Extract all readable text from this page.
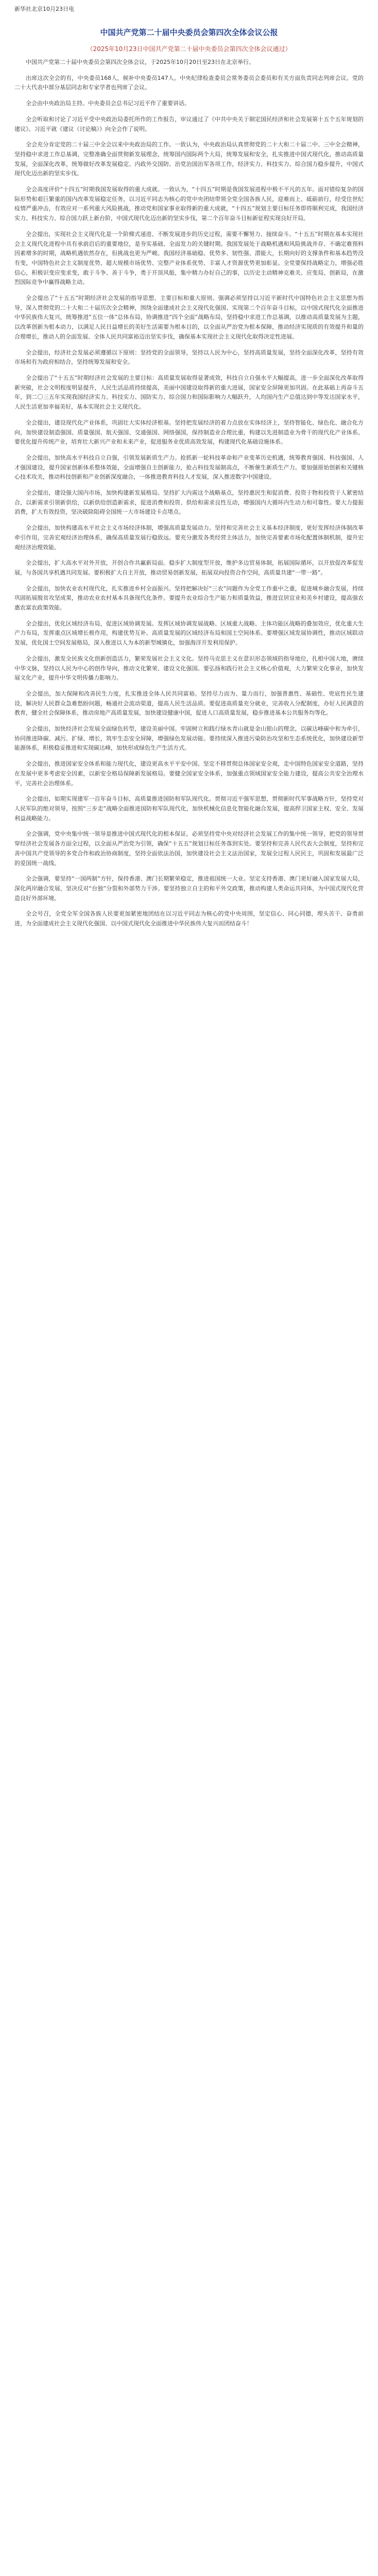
新华社北京10月23日电
中国共产党第二十届中央委员会第四次全体会议公报
（2025年10月23日中国共产党第二十届中央委员会第四次全体会议通过）

中国共产党第二十届中央委员会第四次全体会议，于2025年10月20日至23日在北京举行。

出席这次全会的有，中央委员168人，候补中央委员147人。中央纪律检查委员会常务委员会委员和有关方面负责同志列席会议。党的二十大代表中部分基层同志和专家学者也列席了会议。

全会由中央政治局主持。中央委员会总书记习近平作了重要讲话。

全会听取和讨论了习近平受中央政治局委托所作的工作报告，审议通过了《中共中央关于制定国民经济和社会发展第十五个五年规划的建议》。习近平就《建议（讨论稿）》向全会作了说明。

全会充分肯定党的二十届三中全会以来中央政治局的工作。一致认为，中央政治局认真贯彻党的二十大和二十届二中、三中全会精神，坚持稳中求进工作总基调，完整准确全面贯彻新发展理念，统筹国内国际两个大局，统筹发展和安全，扎实推进中国式现代化，推动高质量发展，全面深化改革，统筹做好改革发展稳定、内政外交国防、治党治国治军各项工作，经济实力、科技实力、综合国力稳步提升，中国式现代化迈出新的坚实步伐。

全会高度评价“十四五”时期我国发展取得的重大成就。一致认为，“十四五”时期是我国发展进程中极不平凡的五年。面对错综复杂的国际形势和艰巨繁重的国内改革发展稳定任务，以习近平同志为核心的党中央团结带领全党全国各族人民，迎难而上、砥砺前行，经受住世纪疫情严重冲击，有效应对一系列重大风险挑战，推动党和国家事业取得新的重大成就，“十四五”规划主要目标任务即将顺利完成，我国经济实力、科技实力、综合国力跃上新台阶，中国式现代化迈出新的坚实步伐，第二个百年奋斗目标新征程实现良好开局。

全会提出，实现社会主义现代化是一个阶梯式递进、不断发展进步的历史过程，需要不懈努力、接续奋斗。“十五五”时期在基本实现社会主义现代化进程中具有承前启后的重要地位，是夯实基础、全面发力的关键时期。我国发展处于战略机遇和风险挑战并存、不确定难预料因素增多的时期，战略机遇依然存在，但挑战也更为严峻。我国经济基础稳、优势多、韧性强、潜能大，长期向好的支撑条件和基本趋势没有变，中国特色社会主义制度优势、超大规模市场优势、完整产业体系优势、丰富人才资源优势更加彰显。全党要保持战略定力，增强必胜信心，积极识变应变求变，敢于斗争、善于斗争，勇于开顶风船，集中精力办好自己的事，以历史主动精神克难关、应变局、创新局，在激烈国际竞争中赢得战略主动。

全会提出了“十五五”时期经济社会发展的指导思想、主要目标和重大原则。强调必须坚持以习近平新时代中国特色社会主义思想为指导，深入贯彻党的二十大和二十届历次全会精神，围绕全面建成社会主义现代化强国、实现第二个百年奋斗目标，以中国式现代化全面推进中华民族伟大复兴，统筹推进“五位一体”总体布局，协调推进“四个全面”战略布局，坚持稳中求进工作总基调，以推动高质量发展为主题，以改革创新为根本动力，以满足人民日益增长的美好生活需要为根本目的，以全面从严治党为根本保障，推动经济实现质的有效提升和量的合理增长，推动人的全面发展、全体人民共同富裕迈出坚实步伐，确保基本实现社会主义现代化取得决定性进展。

全会提出，经济社会发展必须遵循以下原则：坚持党的全面领导，坚持以人民为中心，坚持高质量发展，坚持全面深化改革，坚持有效市场和有为政府相结合，坚持统筹发展和安全。

全会提出了“十五五”时期经济社会发展的主要目标：高质量发展取得显著成效，科技自立自强水平大幅提高，进一步全面深化改革取得新突破，社会文明程度明显提升，人民生活品质持续提高，美丽中国建设取得新的重大进展，国家安全屏障更加巩固。在此基础上再奋斗五年，到二〇三五年实现我国经济实力、科技实力、国防实力、综合国力和国际影响力大幅跃升，人均国内生产总值达到中等发达国家水平，人民生活更加幸福美好，基本实现社会主义现代化。

全会提出，建设现代化产业体系，巩固壮大实体经济根基。坚持把发展经济的着力点放在实体经济上，坚持智能化、绿色化、融合化方向，加快建设制造强国、质量强国、航天强国、交通强国、网络强国，保持制造业合理比重，构建以先进制造业为骨干的现代化产业体系。要优化提升传统产业，培育壮大新兴产业和未来产业，促进服务业优质高效发展，构建现代化基础设施体系。

全会提出，加快高水平科技自立自强，引领发展新质生产力。抢抓新一轮科技革命和产业变革历史机遇，统筹教育强国、科技强国、人才强国建设，提升国家创新体系整体效能，全面增强自主创新能力，抢占科技发展制高点，不断催生新质生产力。要加强原始创新和关键核心技术攻关，推动科技创新和产业创新深度融合，一体推进教育科技人才发展，深入推进数字中国建设。

全会提出，建设强大国内市场，加快构建新发展格局。坚持扩大内需这个战略基点，坚持惠民生和促消费、投资于物和投资于人紧密结合，以新需求引领新供给，以新供给创造新需求，促进消费和投资、供给和需求良性互动，增强国内大循环内生动力和可靠性。要大力提振消费，扩大有效投资，坚决破除阻碍全国统一大市场建设卡点堵点。

全会提出，加快构建高水平社会主义市场经济体制，增强高质量发展动力。坚持和完善社会主义基本经济制度，更好发挥经济体制改革牵引作用，完善宏观经济治理体系，确保高质量发展行稳致远。要充分激发各类经营主体活力，加快完善要素市场化配置体制机制，提升宏观经济治理效能。

全会提出，扩大高水平对外开放，开创合作共赢新局面。稳步扩大制度型开放，维护多边贸易体制，拓展国际循环，以开放促改革促发展，与各国共享机遇共同发展。要积极扩大自主开放，推动贸易创新发展，拓展双向投资合作空间，高质量共建“一带一路”。

全会提出，加快农业农村现代化，扎实推进乡村全面振兴。坚持把解决好“三农”问题作为全党工作重中之重，促进城乡融合发展，持续巩固拓展脱贫攻坚成果，推动农业农村基本具备现代化条件。要提升农业综合生产能力和质量效益，推进宜居宜业和美乡村建设，提高强农惠农富农政策效能。

全会提出，优化区域经济布局，促进区域协调发展。发挥区域协调发展战略、区域重大战略、主体功能区战略的叠加效应，优化重大生产力布局，发挥重点区域增长极作用，构建优势互补、高质量发展的区域经济布局和国土空间体系。要增强区域发展协调性，推动区域联动发展，优化国土空间发展格局，深入推进以人为本的新型城镇化，加强海洋开发利用保护。

全会提出，激发全民族文化创新创造活力，繁荣发展社会主义文化。坚持马克思主义在意识形态领域的指导地位，扎根中国大地，赓续中华文脉，坚持以人民为中心的创作导向，推动文化繁荣、建设文化强国。要弘扬和践行社会主义核心价值观，大力繁荣文化事业，加快发展文化产业，提升中华文明传播力影响力。

全会提出，加大保障和改善民生力度，扎实推进全体人民共同富裕。坚持尽力而为、量力而行，加强普惠性、基础性、兜底性民生建设，解决好人民群众急难愁盼问题，畅通社会流动渠道，提高人民生活品质。要促进高质量充分就业，完善收入分配制度，办好人民满意的教育，健全社会保障体系，推动房地产高质量发展，加快建设健康中国，促进人口高质量发展，稳步推进基本公共服务均等化。

全会提出，加快经济社会发展全面绿色转型，建设美丽中国。牢固树立和践行绿水青山就是金山银山的理念，以碳达峰碳中和为牵引，协同推进降碳、减污、扩绿、增长，筑牢生态安全屏障，增强绿色发展动能。要持续深入推进污染防治攻坚和生态系统优化，加快建设新型能源体系，积极稳妥推进和实现碳达峰，加快形成绿色生产生活方式。

全会提出，推进国家安全体系和能力现代化，建设更高水平平安中国。坚定不移贯彻总体国家安全观，走中国特色国家安全道路，坚持在发展中更多考虑安全因素，以新安全格局保障新发展格局。要健全国家安全体系，加强重点领域国家安全能力建设，提高公共安全治理水平，完善社会治理体系。

全会提出，如期实现建军一百年奋斗目标，高质量推进国防和军队现代化。贯彻习近平强军思想，贯彻新时代军事战略方针，坚持党对人民军队的绝对领导，按照“三步走”战略全面推进国防和军队现代化，加快机械化信息化智能化融合发展，提高捍卫国家主权、安全、发展利益战略能力。

全会强调，党中央集中统一领导是推进中国式现代化的根本保证。必须坚持党中央对经济社会发展工作的集中统一领导，把党的领导贯穿经济社会发展各方面全过程，以全面从严治党为引领，确保“十五五”规划目标任务落到实处。要坚持和完善人民代表大会制度，坚持和完善中国共产党领导的多党合作和政治协商制度，坚持全面依法治国，加快建设社会主义法治国家，发展全过程人民民主，巩固和发展最广泛的爱国统一战线。

全会强调，要坚持“一国两制”方针，保持香港、澳门长期繁荣稳定，推进祖国统一大业。坚定支持香港、澳门更好融入国家发展大局，深化两岸融合发展，坚决反对“台独”分裂和外部势力干涉。要坚持独立自主的和平外交政策，推动构建人类命运共同体，为中国式现代化营造良好外部环境。

全会号召，全党全军全国各族人民要更加紧密地团结在以习近平同志为核心的党中央周围，坚定信心、同心同德，埋头苦干、奋勇前进，为全面建成社会主义现代化强国、以中国式现代化全面推进中华民族伟大复兴而团结奋斗！
